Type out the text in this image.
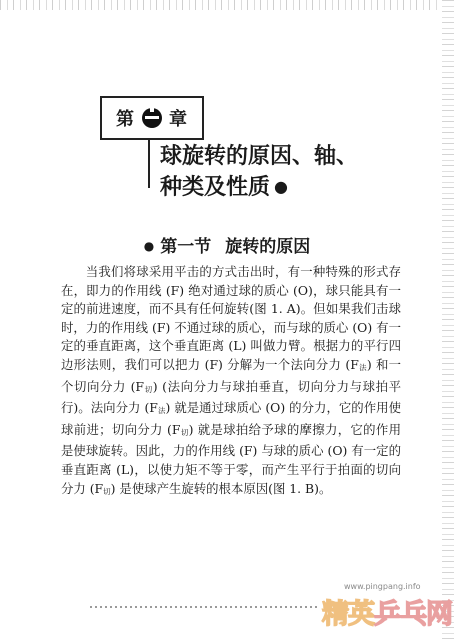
第 章
球旋转的原因、轴、
种类及性质 ●
● 第一节 旋转的原因
当我们将球采用平击的方式击出时，有一种特殊的形式存在，即力的作用线 (F) 绝对通过球的质心 (O)，球只能具有一定的前进速度，而不具有任何旋转(图 1. A)。但如果我们击球时，力的作用线 (F) 不通过球的质心，而与球的质心 (O) 有一定的垂直距离，这个垂直距离 (L) 叫做力臂。根据力的平行四边形法则，我们可以把力 (F) 分解为一个法向分力 $(F_法)$ 和一个切向分力 $(F_切)$ (法向分力与球拍垂直，切向分力与球拍平行)。法向分力 $(F_法)$ 就是通过球质心 (O) 的分力，它的作用使球前进；切向分力 $(F_切)$ 就是球拍给予球的摩擦力，它的作用是使球旋转。因此，力的作用线 (F) 与球的质心 (O) 有一定的垂直距离 (L)，以使力矩不等于零，而产生平行于拍面的切向分力 $(F_切)$ 是使球产生旋转的根本原因(图 1. B)。
www.pingpang.info
精英乒乓网
